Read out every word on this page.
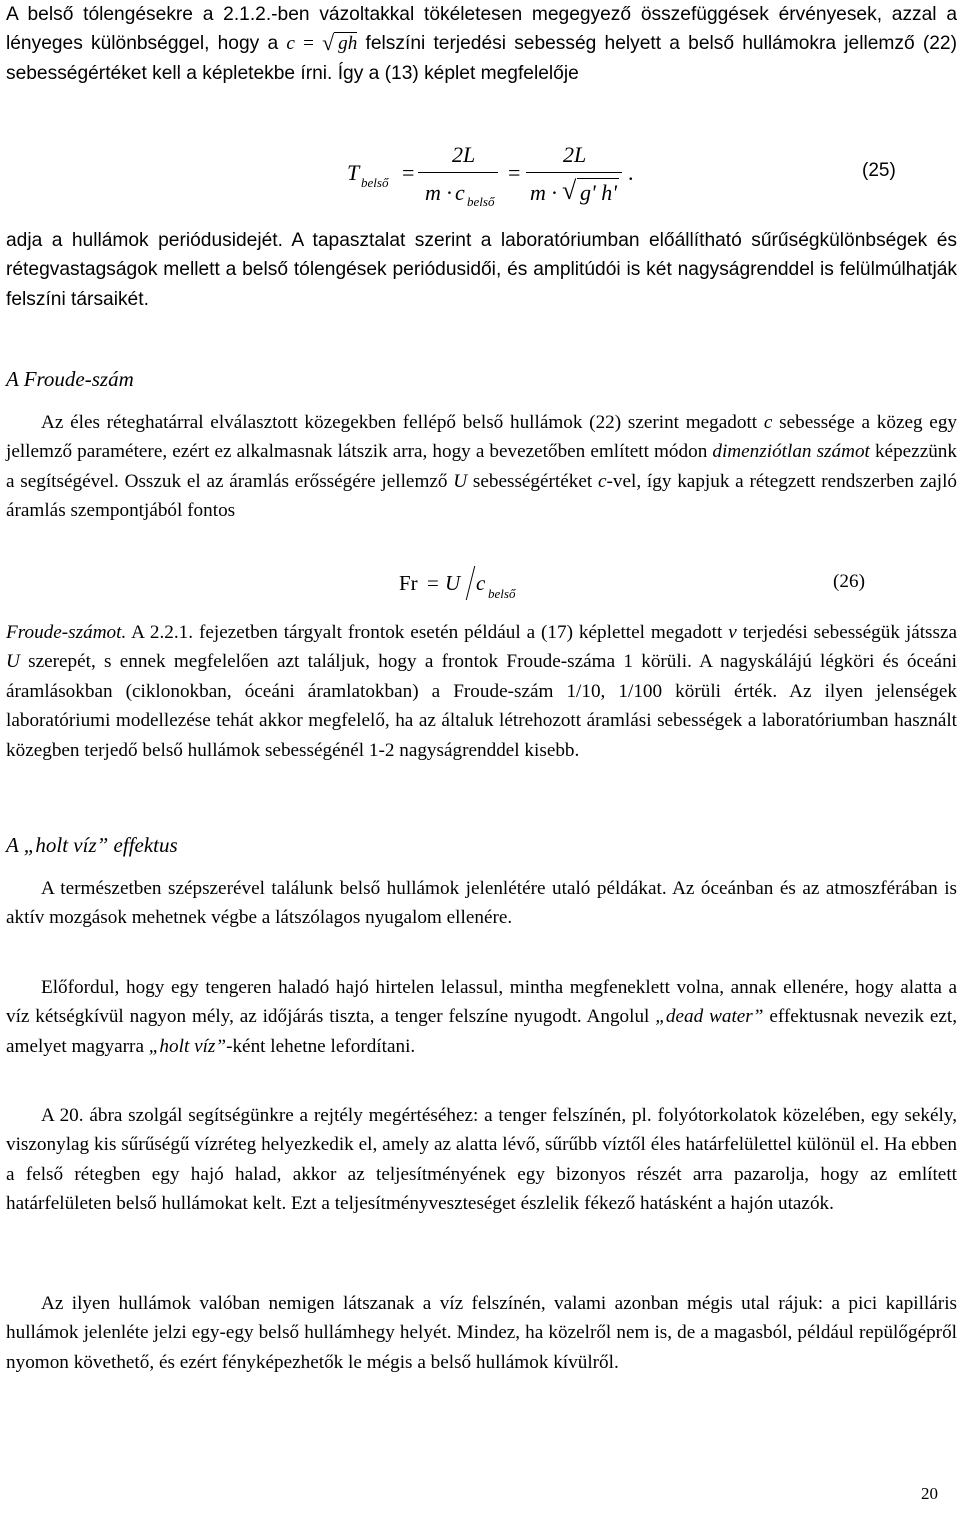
A belső tólengésekre a 2.1.2.-ben vázoltakkal tökéletesen megegyező összefüggések érvényesek, azzal a lényeges különbséggel, hogy a c = √ gh felszíni terjedési sebesség helyett a belső hullámokra jellemző (22) sebességértéket kell a képletekbe írni. Így a (13) képlet megfelelője

T belső =
2L
m · c belső
=
2L
m · √ g' h'
.	(25)

adja a hullámok periódusidejét. A tapasztalat szerint a laboratóriumban előállítható sűrűségkülönbségek és rétegvastagságok mellett a belső tólengések periódusidői, és amplitúdói is két nagyságrenddel is felülmúlhatják felszíni társaikét.

A Froude-szám

Az éles réteghatárral elválasztott közegekben fellépő belső hullámok (22) szerint megadott c sebessége a közeg egy jellemző paramétere, ezért ez alkalmasnak látszik arra, hogy a bevezetőben említett módon dimenziótlan számot képezzünk a segítségével. Osszuk el az áramlás erősségére jellemző U sebességértéket c-vel, így kapjuk a rétegzett rendszerben zajló áramlás szempontjából fontos

Fr = U c belső
(26)

Froude-számot. A 2.2.1. fejezetben tárgyalt frontok esetén például a (17) képlettel megadott v terjedési sebességük játssza U szerepét, s ennek megfelelően azt találjuk, hogy a frontok Froude-száma 1 körüli. A nagyskálájú légköri és óceáni áramlásokban (ciklonokban, óceáni áramlatokban) a Froude-szám 1/10, 1/100 körüli érték. Az ilyen jelenségek laboratóriumi modellezése tehát akkor megfelelő, ha az általuk létrehozott áramlási sebességek a laboratóriumban használt közegben terjedő belső hullámok sebességénél 1-2 nagyságrenddel kisebb.

A „holt víz” effektus

A természetben szépszerével találunk belső hullámok jelenlétére utaló példákat. Az óceánban és az atmoszférában is aktív mozgások mehetnek végbe a látszólagos nyugalom ellenére.

Előfordul, hogy egy tengeren haladó hajó hirtelen lelassul, mintha megfeneklett volna, annak ellenére, hogy alatta a víz kétségkívül nagyon mély, az időjárás tiszta, a tenger felszíne nyugodt. Angolul „dead water” effektusnak nevezik ezt, amelyet magyarra „holt víz”-ként lehetne lefordítani.

A 20. ábra szolgál segítségünkre a rejtély megértéséhez: a tenger felszínén, pl. folyótorkolatok közelében, egy sekély, viszonylag kis sűrűségű vízréteg helyezkedik el, amely az alatta lévő, sűrűbb víztől éles határfelülettel különül el. Ha ebben a felső rétegben egy hajó halad, akkor az teljesítményének egy bizonyos részét arra pazarolja, hogy az említett határfelületen belső hullámokat kelt. Ezt a teljesítményveszteséget észlelik fékező hatásként a hajón utazók.

Az ilyen hullámok valóban nemigen látszanak a víz felszínén, valami azonban mégis utal rájuk: a pici kapilláris hullámok jelenléte jelzi egy-egy belső hullámhegy helyét. Mindez, ha közelről nem is, de a magasból, például repülőgépről nyomon követhető, és ezért fényképezhetők le mégis a belső hullámok kívülről.

20
